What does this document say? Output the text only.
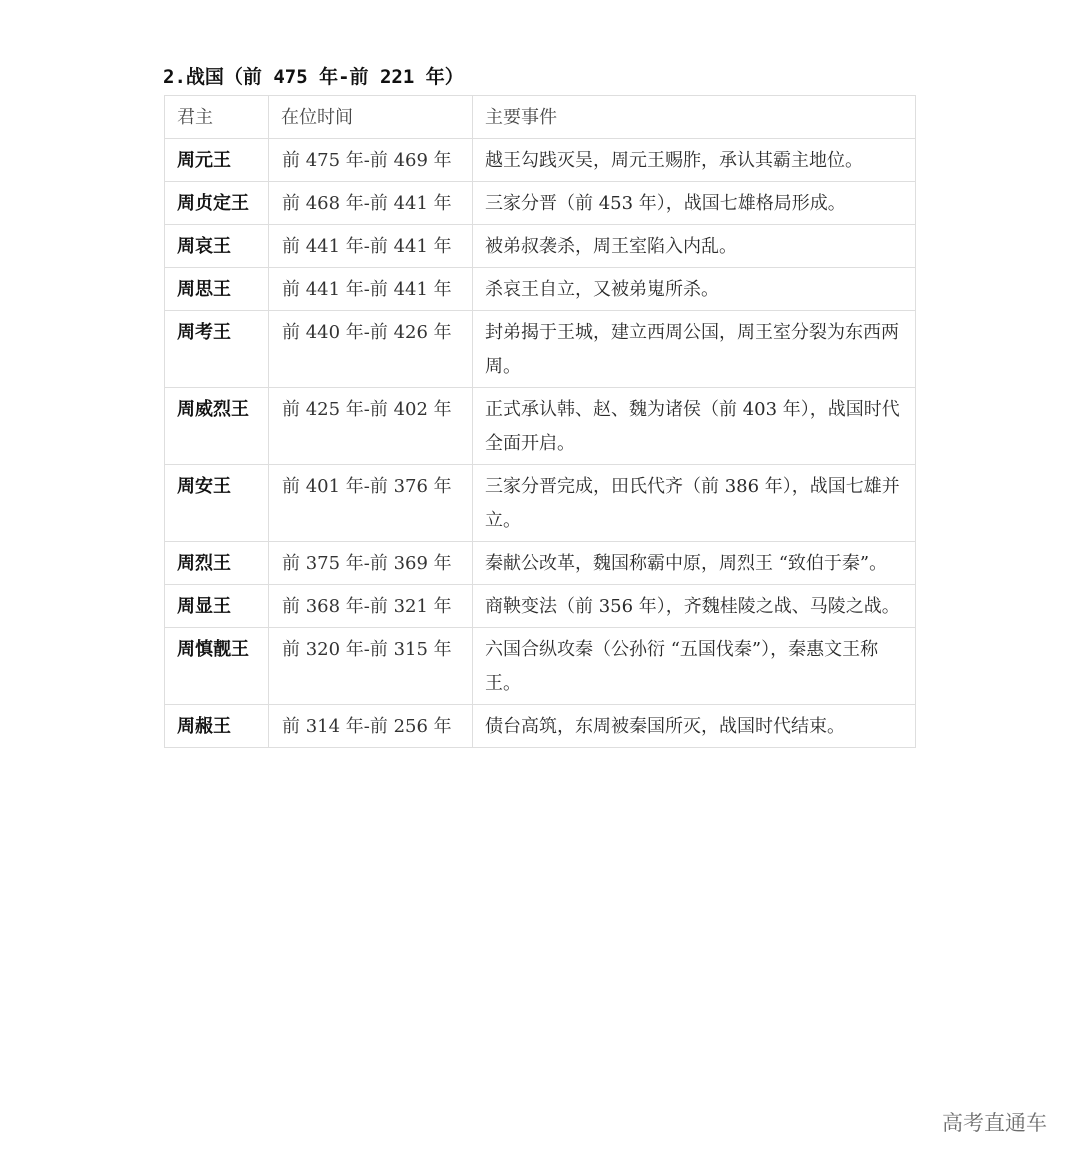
2.战国（前 475 年-前 221 年）
君主	在位时间	主要事件
周元王	前 475 年-前 469 年	越王勾践灭吴，周元王赐胙，承认其霸主地位。
周贞定王	前 468 年-前 441 年	三家分晋（前 453 年），战国七雄格局形成。
周哀王	前 441 年-前 441 年	被弟叔袭杀，周王室陷入内乱。
周思王	前 441 年-前 441 年	杀哀王自立，又被弟嵬所杀。
周考王	前 440 年-前 426 年	封弟揭于王城，建立西周公国，周王室分裂为东西两周。
周威烈王	前 425 年-前 402 年	正式承认韩、赵、魏为诸侯（前 403 年），战国时代全面开启。
周安王	前 401 年-前 376 年	三家分晋完成，田氏代齐（前 386 年），战国七雄并立。
周烈王	前 375 年-前 369 年	秦献公改革，魏国称霸中原，周烈王 “致伯于秦”。
周显王	前 368 年-前 321 年	商鞅变法（前 356 年），齐魏桂陵之战、马陵之战。
周慎靓王	前 320 年-前 315 年	六国合纵攻秦（公孙衍 “五国伐秦”），秦惠文王称王。
周赧王	前 314 年-前 256 年	债台高筑，东周被秦国所灭，战国时代结束。
高考直通车
